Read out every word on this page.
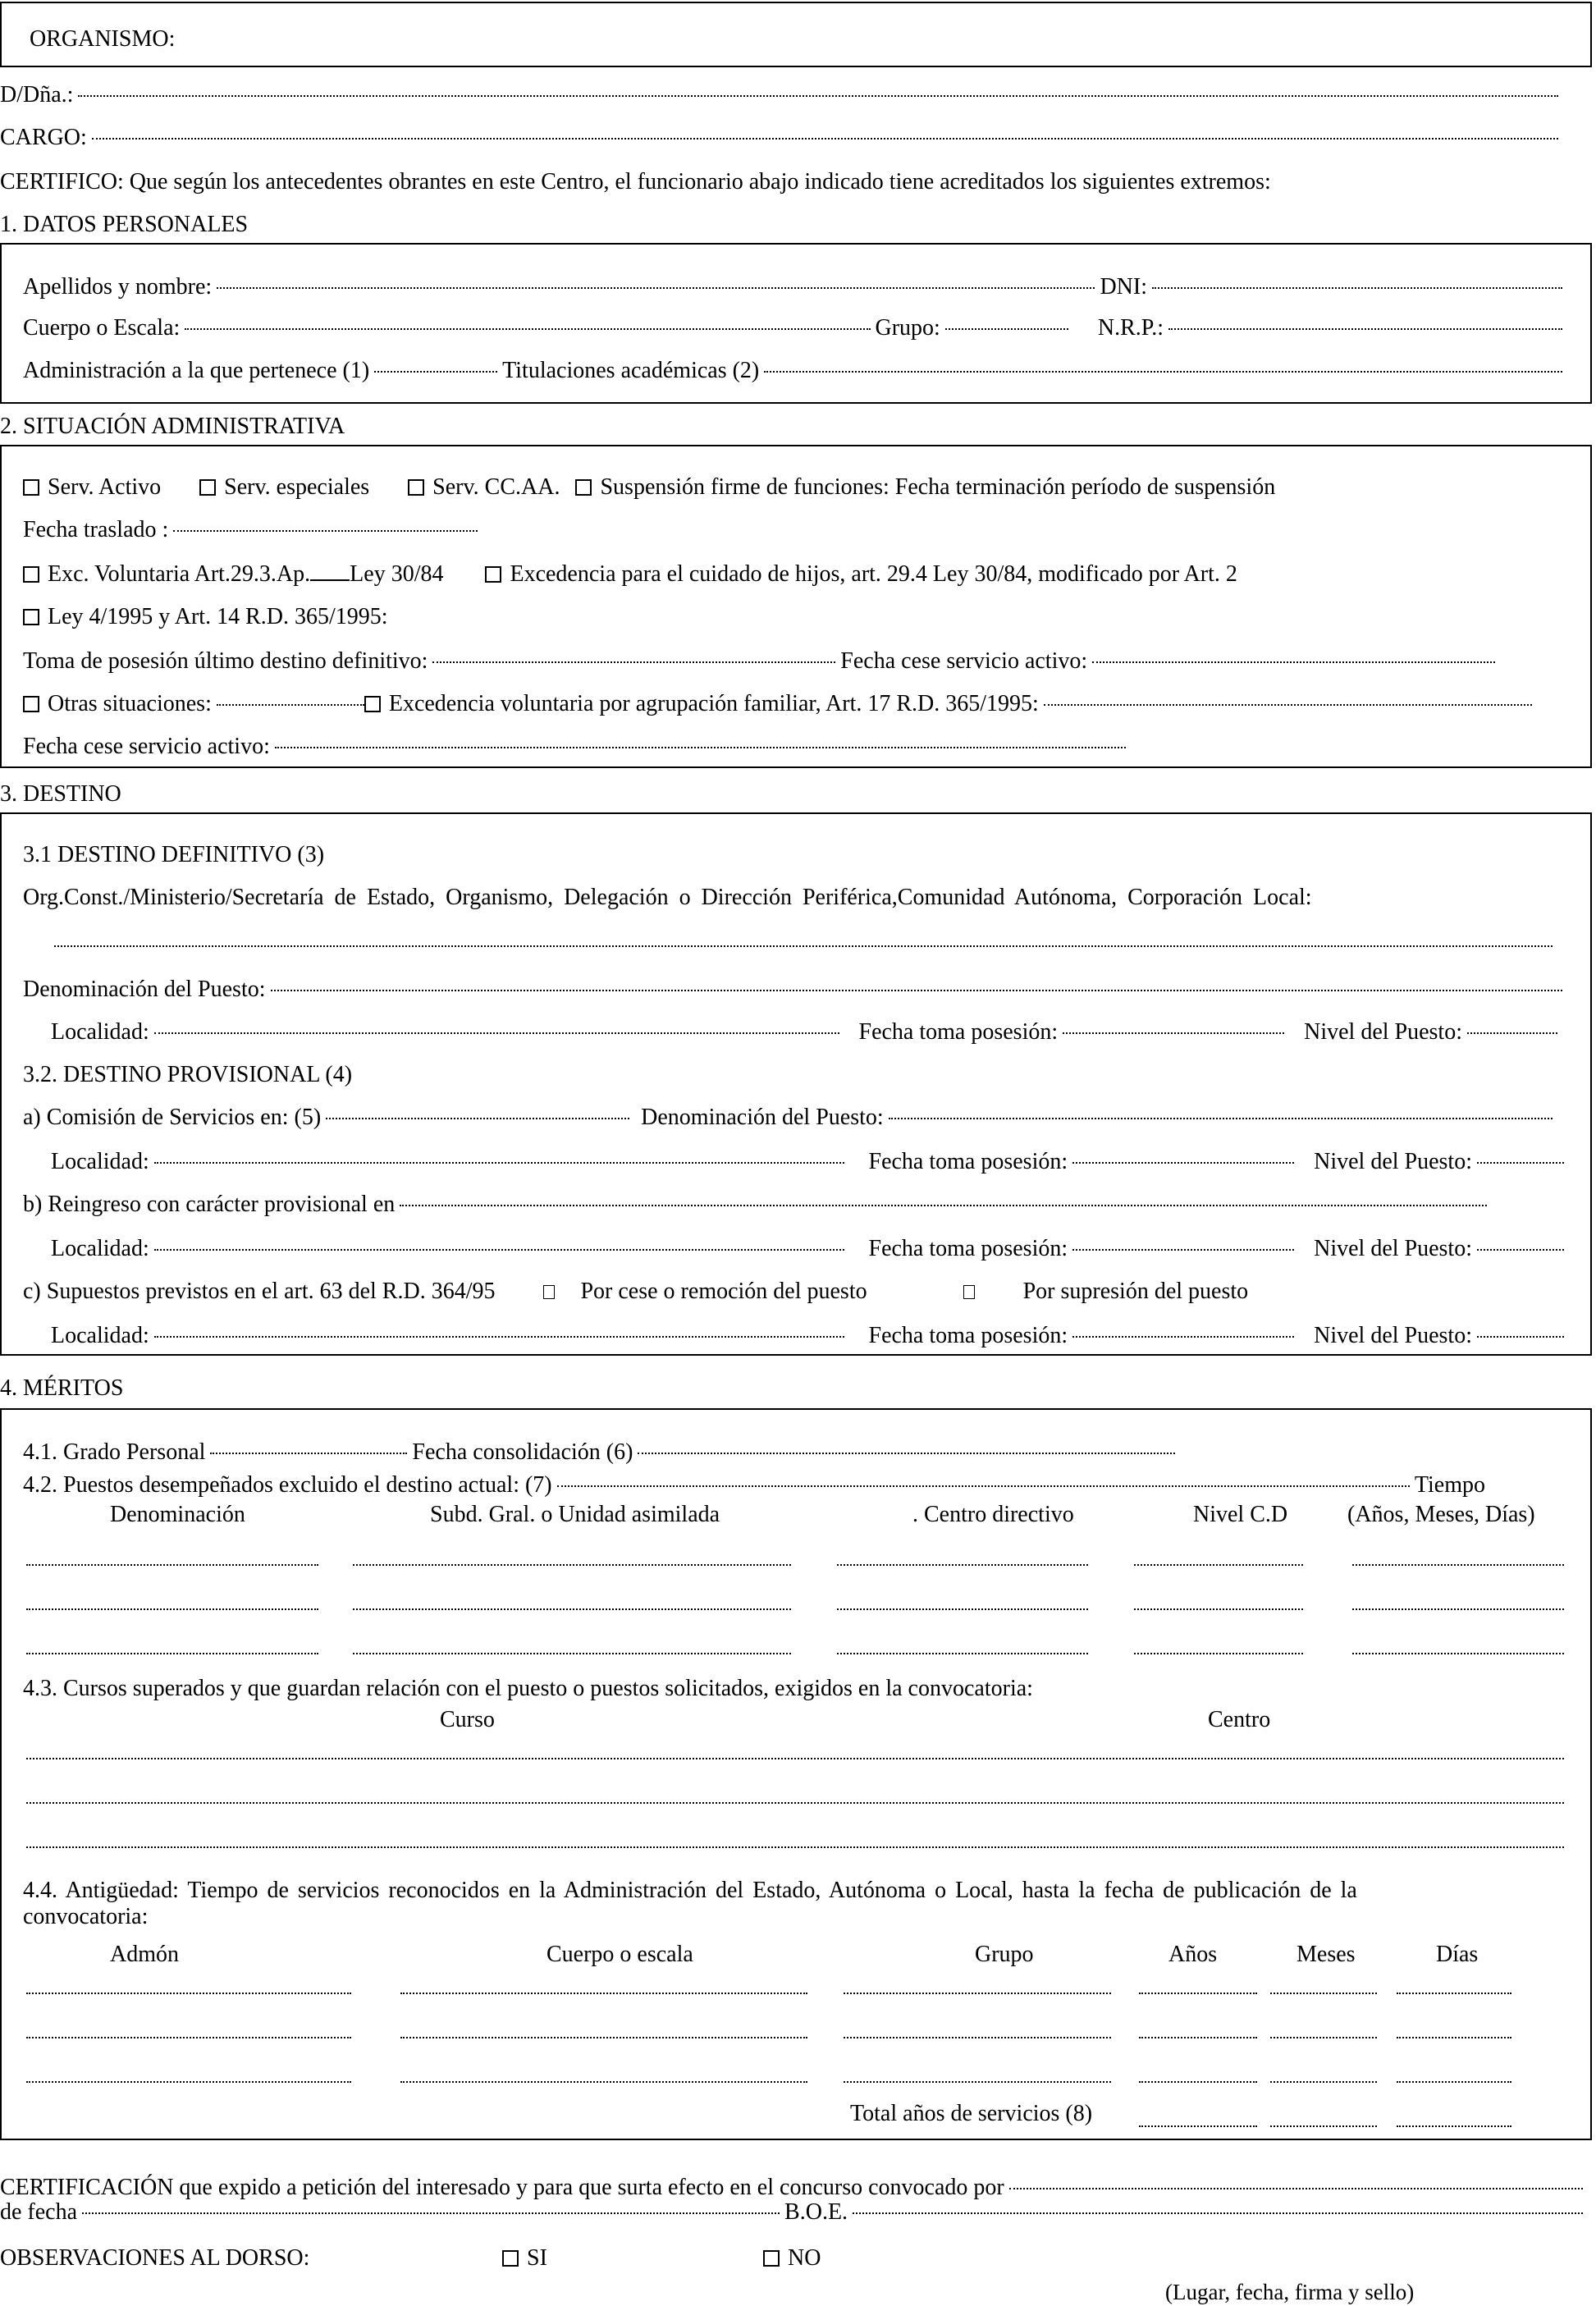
ORGANISMO:
D/Dña.:
CARGO:
CERTIFICO: Que según los antecedentes obrantes en este Centro, el funcionario abajo indicado tiene acreditados los siguientes extremos:
1. DATOS PERSONALES
Apellidos y nombre:	DNI:
Cuerpo o Escala:	Grupo:	N.R.P.:
Administración a la que pertenece (1)	Titulaciones académicas (2)
2. SITUACIÓN ADMINISTRATIVA
Serv. Activo	Serv. especiales	Serv. CC.AA. Suspensión firme de funciones: Fecha terminación período de suspensión
Fecha traslado :
Exc. Voluntaria Art.29.3.Ap. Ley 30/84	Excedencia para el cuidado de hijos, art. 29.4 Ley 30/84, modificado por Art. 2
Ley 4/1995 y Art. 14 R.D. 365/1995:
Toma de posesión último destino definitivo:	Fecha cese servicio activo:
Otras situaciones:	Excedencia voluntaria por agrupación familiar, Art. 17 R.D. 365/1995:
Fecha cese servicio activo:
3. DESTINO
3.1 DESTINO DEFINITIVO (3)
Org.Const./Ministerio/Secretaría de Estado, Organismo, Delegación o Dirección Periférica,Comunidad Autónoma, Corporación Local:
Denominación del Puesto:
Localidad:	Fecha toma posesión:	Nivel del Puesto:
3.2. DESTINO PROVISIONAL (4)
a) Comisión de Servicios en: (5)	Denominación del Puesto:
Localidad:	Fecha toma posesión:	Nivel del Puesto:
b) Reingreso con carácter provisional en
Localidad:	Fecha toma posesión:	Nivel del Puesto:
c) Supuestos previstos en el art. 63 del R.D. 364/95	Por cese o remoción del puesto	Por supresión del puesto
Localidad:	Fecha toma posesión:	Nivel del Puesto:
4. MÉRITOS
4.1. Grado Personal	Fecha consolidación (6)
4.2. Puestos desempeñados excluido el destino actual: (7)	Tiempo
Denominación	Subd. Gral. o Unidad asimilada	. Centro directivo	Nivel C.D	(Años, Meses, Días)
4.3. Cursos superados y que guardan relación con el puesto o puestos solicitados, exigidos en la convocatoria:
Curso	Centro
4.4. Antigüedad: Tiempo de servicios reconocidos en la Administración del Estado, Autónoma o Local, hasta la fecha de publicación de la
convocatoria:
Admón	Cuerpo o escala	Grupo	Años	Meses	Días
Total años de servicios (8)
CERTIFICACIÓN que expido a petición del interesado y para que surta efecto en el concurso convocado por
de fecha	B.O.E.
OBSERVACIONES AL DORSO:	SI	NO
(Lugar, fecha, firma y sello)
